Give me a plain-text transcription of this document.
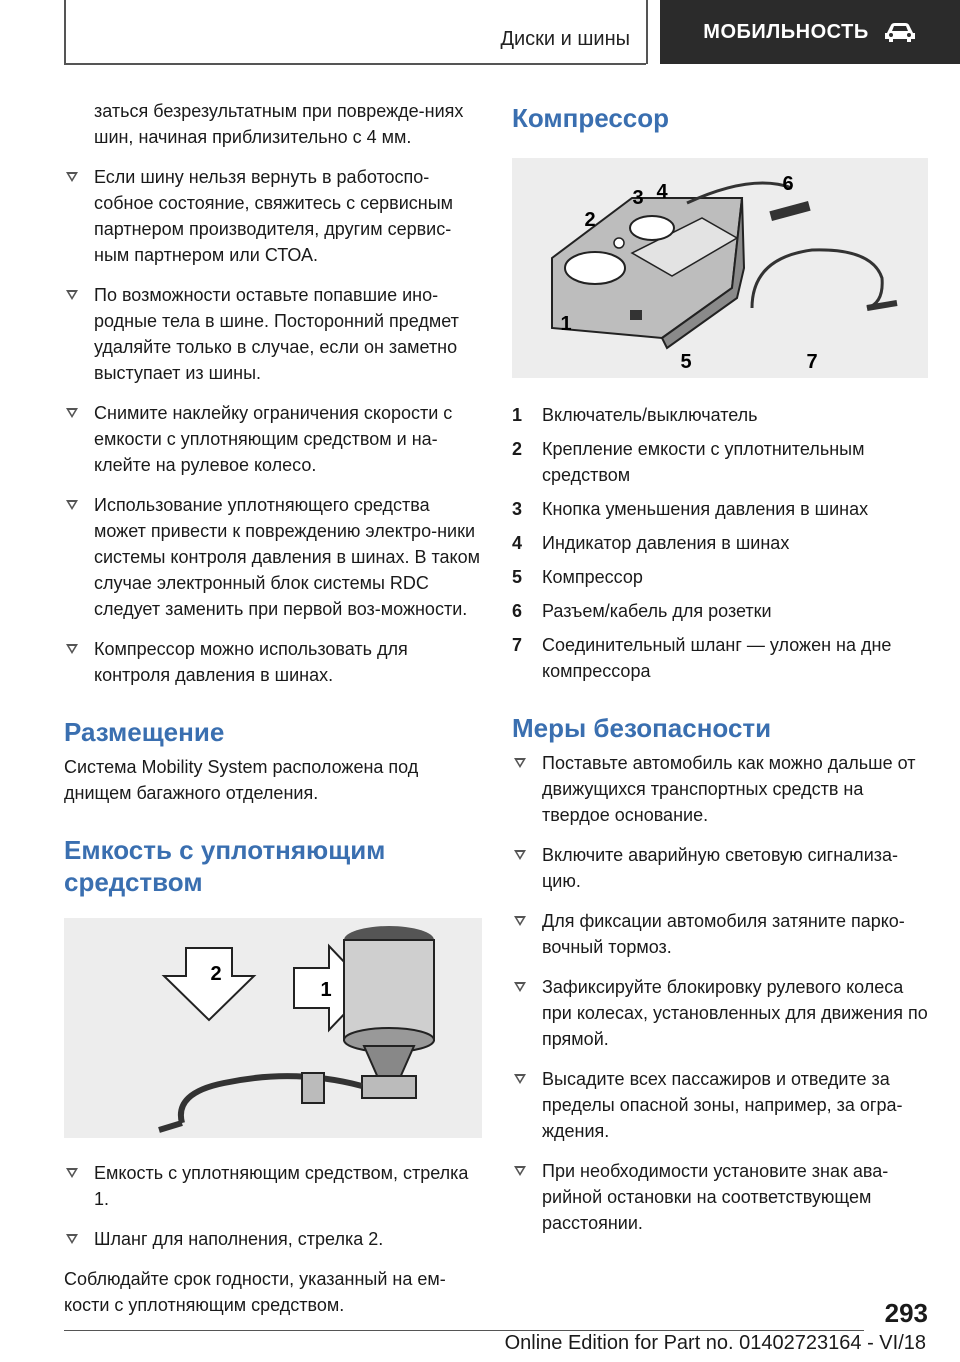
Диски и шины	МОБИЛЬНОСТЬ

заться безрезультатным при поврежде-ниях шин, начиная приблизительно с 4 мм.

Если шину нельзя вернуть в работоспо-собное состояние, свяжитесь с сервисным партнером производителя, другим сервис-ным партнером или СТОА.
По возможности оставьте попавшие ино-родные тела в шине. Посторонний предмет удаляйте только в случае, если он заметно выступает из шины.
Снимите наклейку ограничения скорости с емкости с уплотняющим средством и на-клейте на рулевое колесо.
Использование уплотняющего средства может привести к повреждению электро-ники системы контроля давления в шинах. В таком случае электронный блок системы RDC следует заменить при первой воз-можности.
Компрессор можно использовать для контроля давления в шинах.
Размещение

Система Mobility System расположена под днищем багажного отделения.

Емкость с уплотняющим средством
2
1
Емкость с уплотняющим средством, стрелка 1.
Шланг для наполнения, стрелка 2.

Соблюдайте срок годности, указанный на ем-кости с уплотняющим средством.

Компрессор
2
3 4	6
1
5	7
1	Включатель/выключатель
2	Крепление емкости с уплотнительным средством
3	Кнопка уменьшения давления в шинах
4	Индикатор давления в шинах
5	Компрессор
6	Разъем/кабель для розетки
7	Соединительный шланг — уложен на дне компрессора
Меры безопасности
Поставьте автомобиль как можно дальше от движущихся транспортных средств на твердое основание.
Включите аварийную световую сигнализа-цию.
Для фиксации автомобиля затяните парко-вочный тормоз.
Зафиксируйте блокировку рулевого колеса при колесах, установленных для движения по прямой.
Высадите всех пассажиров и отведите за пределы опасной зоны, например, за огра-ждения.
При необходимости установите знак ава-рийной остановки на соответствующем расстоянии.
293
Online Edition for Part no. 01402723164 - VI/18
